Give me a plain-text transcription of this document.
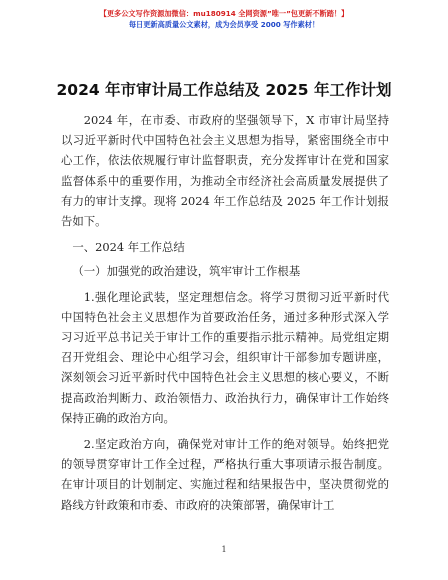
【更多公文写作资源加微信：mu180914 全网资源”唯一”包更新不断踏！】
每日更新高质量公文素材，成为会员享受 2000 写作素材！
2024 年市审计局工作总结及 2025 年工作计划

2024 年，在市委、市政府的坚强领导下，X 市审计局坚持以习近平新时代中国特色社会主义思想为指导，紧密围绕全市中心工作，依法依规履行审计监督职责，充分发挥审计在党和国家监督体系中的重要作用，为推动全市经济社会高质量发展提供了有力的审计支撑。现将 2024 年工作总结及 2025 年工作计划报告如下。

一、2024 年工作总结

（一）加强党的政治建设，筑牢审计工作根基

1.强化理论武装，坚定理想信念。将学习贯彻习近平新时代中国特色社会主义思想作为首要政治任务，通过多种形式深入学习习近平总书记关于审计工作的重要指示批示精神。局党组定期召开党组会、理论中心组学习会，组织审计干部参加专题讲座，深刻领会习近平新时代中国特色社会主义思想的核心要义，不断提高政治判断力、政治领悟力、政治执行力，确保审计工作始终保持正确的政治方向。

2.坚定政治方向，确保党对审计工作的绝对领导。始终把党的领导贯穿审计工作全过程，严格执行重大事项请示报告制度。在审计项目的计划制定、实施过程和结果报告中，坚决贯彻党的路线方针政策和市委、市政府的决策部署，确保审计工

1
